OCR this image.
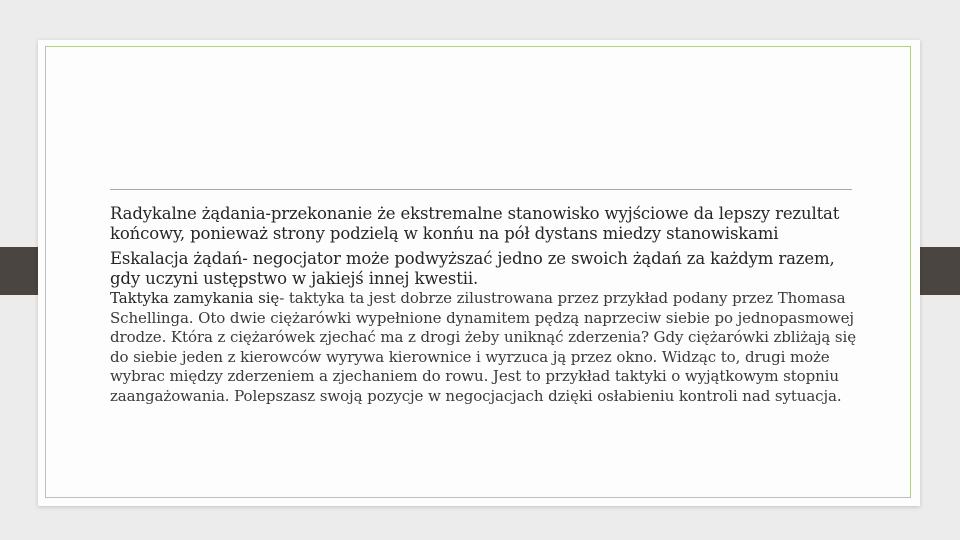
Radykalne żądania-przekonanie że ekstremalne stanowisko wyjściowe da lepszy rezultat końcowy, ponieważ strony podzielą w konńu na pół dystans miedzy stanowiskami

Eskalacja żądań- negocjator może podwyższać jedno ze swoich żądań za każdym razem, gdy uczyni ustępstwo w jakiejś innej kwestii.

Taktyka zamykania się- taktyka ta jest dobrze zilustrowana przez przykład podany przez Thomasa Schellinga. Oto dwie ciężarówki wypełnione dynamitem pędzą naprzeciw siebie po jednopasmowej drodze. Która z ciężarówek zjechać ma z drogi żeby uniknąć zderzenia? Gdy ciężarówki zbliżają się do siebie jeden z kierowców wyrywa kierownice i wyrzuca ją przez okno. Widząc to, drugi może wybrac między zderzeniem a zjechaniem do rowu. Jest to przykład taktyki o wyjątkowym stopniu zaangażowania. Polepszasz swoją pozycje w negocjacjach dzięki osłabieniu kontroli nad sytuacja.
